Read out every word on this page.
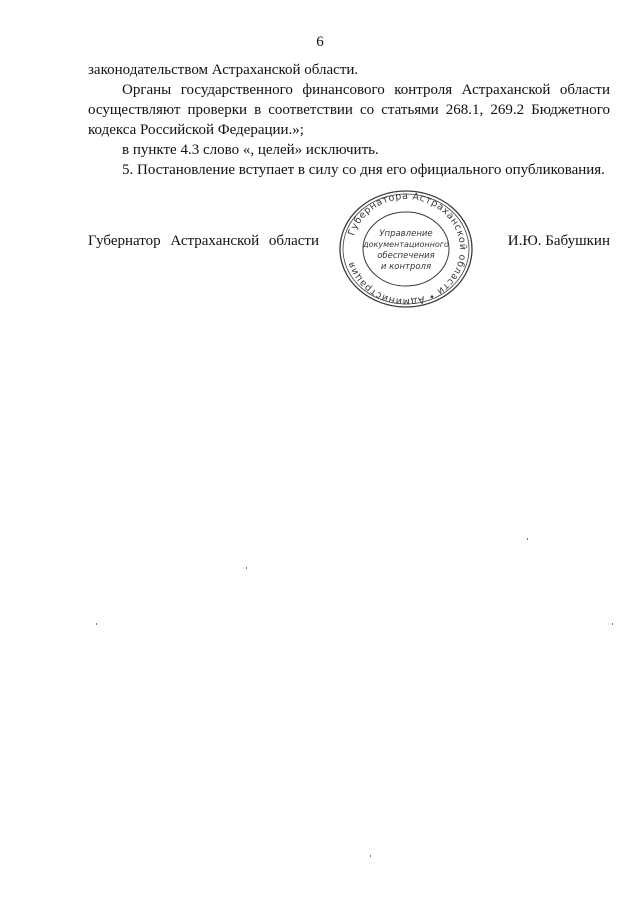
6

законодательством Астраханской области.

Органы государственного финансового контроля Астраханской области осуществляют проверки в соответствии со статьями 268.1, 269.2 Бюджетного кодекса Российской Федерации.»;

в пункте 4.3 слово «, целей» исключить.

5. Постановление вступает в силу со дня его официального опубликования.

Губернатор Астраханской области	И.Ю. Бабушкин
Губернатора Астраханской области • Администрация
Управление
документационного
обеспечения
и контроля
